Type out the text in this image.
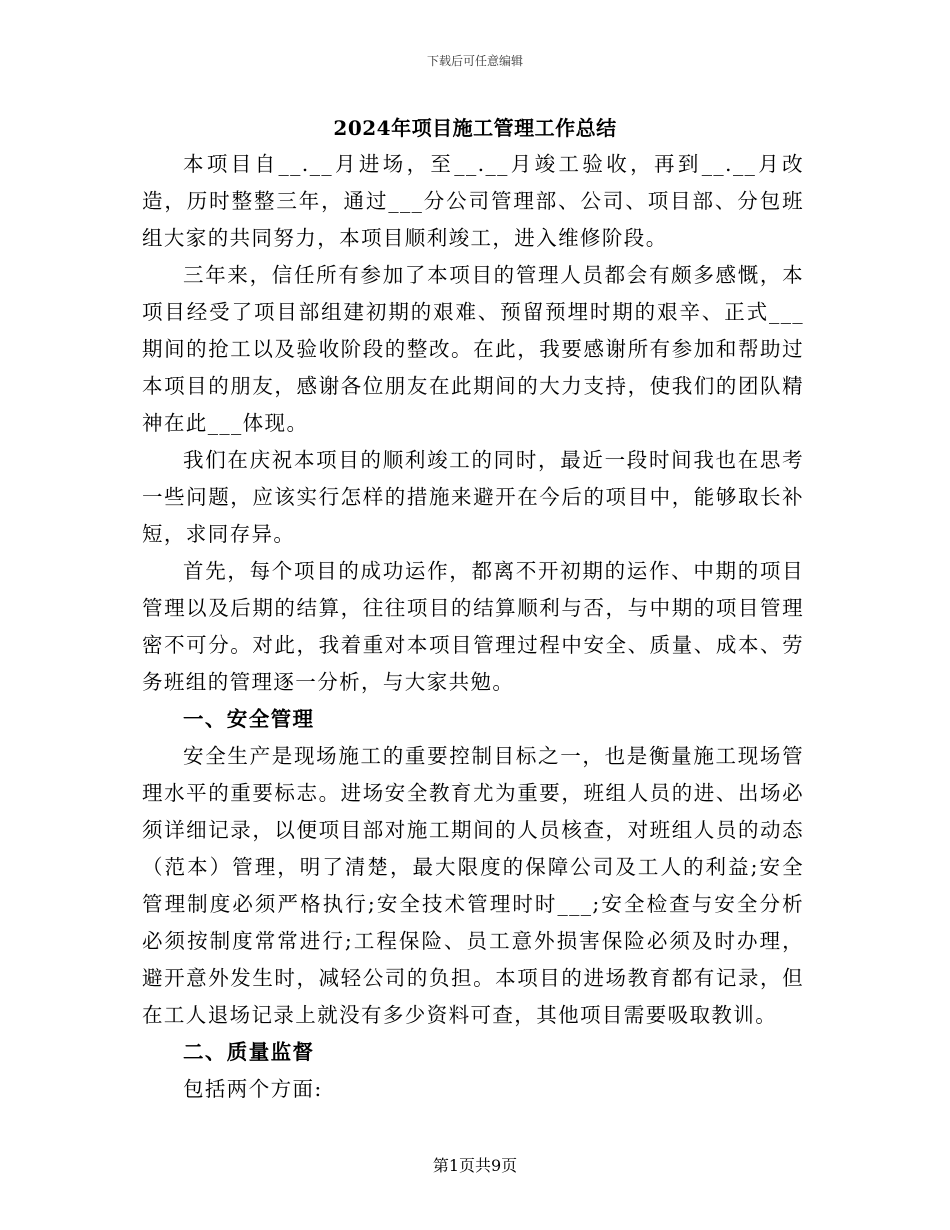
下载后可任意编辑
2024年项目施工管理工作总结

本项目自__.__月进场，至__.__月竣工验收，再到__.__月改造，历时整整三年，通过___分公司管理部、公司、项目部、分包班组大家的共同努力，本项目顺利竣工，进入维修阶段。

三年来，信任所有参加了本项目的管理人员都会有颇多感慨，本项目经受了项目部组建初期的艰难、预留预埋时期的艰辛、正式___期间的抢工以及验收阶段的整改。在此，我要感谢所有参加和帮助过本项目的朋友，感谢各位朋友在此期间的大力支持，使我们的团队精神在此___体现。

我们在庆祝本项目的顺利竣工的同时，最近一段时间我也在思考一些问题，应该实行怎样的措施来避开在今后的项目中，能够取长补短，求同存异。

首先，每个项目的成功运作，都离不开初期的运作、中期的项目管理以及后期的结算，往往项目的结算顺利与否，与中期的项目管理密不可分。对此，我着重对本项目管理过程中安全、质量、成本、劳务班组的管理逐一分析，与大家共勉。

一、安全管理

安全生产是现场施工的重要控制目标之一，也是衡量施工现场管理水平的重要标志。进场安全教育尤为重要，班组人员的进、出场必须详细记录，以便项目部对施工期间的人员核查，对班组人员的动态（范本）管理，明了清楚，最大限度的保障公司及工人的利益;安全管理制度必须严格执行;安全技术管理时时___;安全检查与安全分析必须按制度常常进行;工程保险、员工意外损害保险必须及时办理，避开意外发生时，减轻公司的负担。本项目的进场教育都有记录，但在工人退场记录上就没有多少资料可查，其他项目需要吸取教训。

二、质量监督

包括两个方面:

第1页共9页
